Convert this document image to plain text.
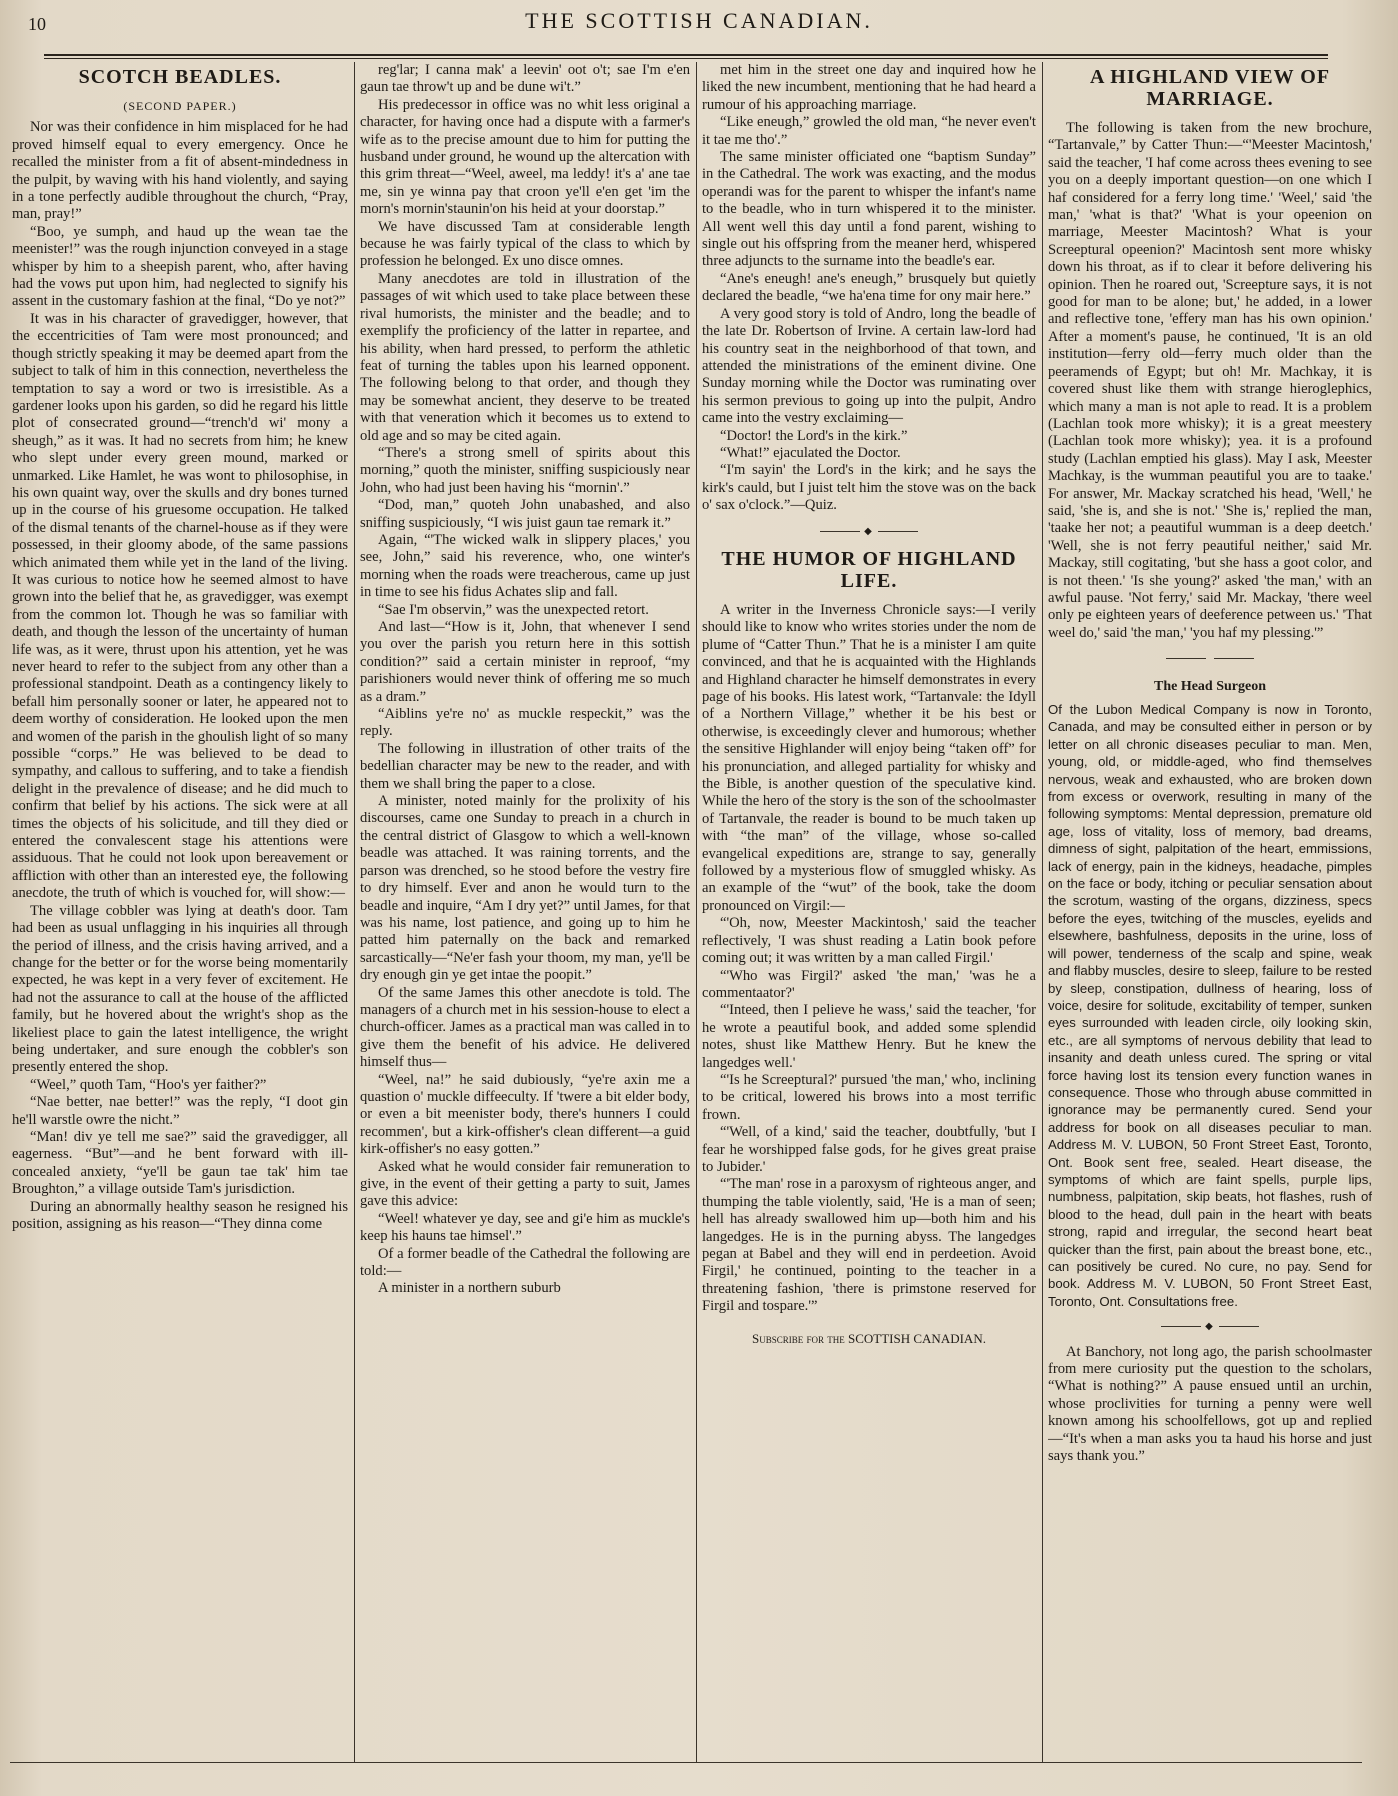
10	THE SCOTTISH CANADIAN.
SCOTCH BEADLES.
(SECOND PAPER.)

Nor was their confidence in him misplaced for he had proved himself equal to every emergency. Once he recalled the minister from a fit of absent-mindedness in the pulpit, by waving with his hand violently, and saying in a tone perfectly audible throughout the church, “Pray, man, pray!”

“Boo, ye sumph, and haud up the wean tae the meenister!” was the rough injunction conveyed in a stage whisper by him to a sheepish parent, who, after having had the vows put upon him, had neglected to signify his assent in the customary fashion at the final, “Do ye not?”

It was in his character of gravedigger, however, that the eccentricities of Tam were most pronounced; and though strictly speaking it may be deemed apart from the subject to talk of him in this connection, nevertheless the temptation to say a word or two is irresistible. As a gardener looks upon his garden, so did he regard his little plot of consecrated ground—“trench'd wi' mony a sheugh,” as it was. It had no secrets from him; he knew who slept under every green mound, marked or unmarked. Like Hamlet, he was wont to philosophise, in his own quaint way, over the skulls and dry bones turned up in the course of his gruesome occupation. He talked of the dismal tenants of the charnel-house as if they were possessed, in their gloomy abode, of the same passions which animated them while yet in the land of the living. It was curious to notice how he seemed almost to have grown into the belief that he, as gravedigger, was exempt from the common lot. Though he was so familiar with death, and though the lesson of the uncertainty of human life was, as it were, thrust upon his attention, yet he was never heard to refer to the subject from any other than a professional standpoint. Death as a contingency likely to befall him personally sooner or later, he appeared not to deem worthy of consideration. He looked upon the men and women of the parish in the ghoulish light of so many possible “corps.” He was believed to be dead to sympathy, and callous to suffering, and to take a fiendish delight in the prevalence of disease; and he did much to confirm that belief by his actions. The sick were at all times the objects of his solicitude, and till they died or entered the convalescent stage his attentions were assiduous. That he could not look upon bereavement or affliction with other than an interested eye, the following anecdote, the truth of which is vouched for, will show:—

The village cobbler was lying at death's door. Tam had been as usual unflagging in his inquiries all through the period of illness, and the crisis having arrived, and a change for the better or for the worse being momentarily expected, he was kept in a very fever of excitement. He had not the assurance to call at the house of the afflicted family, but he hovered about the wright's shop as the likeliest place to gain the latest intelligence, the wright being undertaker, and sure enough the cobbler's son presently entered the shop.

“Weel,” quoth Tam, “Hoo's yer faither?”

“Nae better, nae better!” was the reply, “I doot gin he'll warstle owre the nicht.”

“Man! div ye tell me sae?” said the gravedigger, all eagerness. “But”—and he bent forward with ill-concealed anxiety, “ye'll be gaun tae tak' him tae Broughton,” a village outside Tam's jurisdiction.

During an abnormally healthy season he resigned his position, assigning as his reason—“They dinna come

reg'lar; I canna mak' a leevin' oot o't; sae I'm e'en gaun tae throw't up and be dune wi't.”

His predecessor in office was no whit less original a character, for having once had a dispute with a farmer's wife as to the precise amount due to him for putting the husband under ground, he wound up the altercation with this grim threat—“Weel, aweel, ma leddy! it's a' ane tae me, sin ye winna pay that croon ye'll e'en get 'im the morn's mornin'staunin'on his heid at your doorstap.”

We have discussed Tam at considerable length because he was fairly typical of the class to which by profession he belonged. Ex uno disce omnes.

Many anecdotes are told in illustration of the passages of wit which used to take place between these rival humorists, the minister and the beadle; and to exemplify the proficiency of the latter in repartee, and his ability, when hard pressed, to perform the athletic feat of turning the tables upon his learned opponent. The following belong to that order, and though they may be somewhat ancient, they deserve to be treated with that veneration which it becomes us to extend to old age and so may be cited again.

“There's a strong smell of spirits about this morning,” quoth the minister, sniffing suspiciously near John, who had just been having his “mornin'.”

“Dod, man,” quoteh John unabashed, and also sniffing suspiciously, “I wis juist gaun tae remark it.”

Again, “'The wicked walk in slippery places,' you see, John,” said his reverence, who, one winter's morning when the roads were treacherous, came up just in time to see his fidus Achates slip and fall.

“Sae I'm observin,” was the unexpected retort.

And last—“How is it, John, that whenever I send you over the parish you return here in this sottish condition?” said a certain minister in reproof, “my parishioners would never think of offering me so much as a dram.”

“Aiblins ye're no' as muckle respeckit,” was the reply.

The following in illustration of other traits of the bedellian character may be new to the reader, and with them we shall bring the paper to a close.

A minister, noted mainly for the prolixity of his discourses, came one Sunday to preach in a church in the central district of Glasgow to which a well-known beadle was attached. It was raining torrents, and the parson was drenched, so he stood before the vestry fire to dry himself. Ever and anon he would turn to the beadle and inquire, “Am I dry yet?” until James, for that was his name, lost patience, and going up to him he patted him paternally on the back and remarked sarcastically—“Ne'er fash your thoom, my man, ye'll be dry enough gin ye get intae the poopit.”

Of the same James this other anecdote is told. The managers of a church met in his session-house to elect a church-officer. James as a practical man was called in to give them the benefit of his advice. He delivered himself thus—

“Weel, na!” he said dubiously, “ye're axin me a quastion o' muckle diffeeculty. If 'twere a bit elder body, or even a bit meenister body, there's hunners I could recommen', but a kirk-offisher's clean different—a guid kirk-offisher's no easy gotten.”

Asked what he would consider fair remuneration to give, in the event of their getting a party to suit, James gave this advice:

“Weel! whatever ye day, see and gi'e him as muckle's keep his hauns tae himsel'.”

Of a former beadle of the Cathedral the following are told:—

A minister in a northern suburb

met him in the street one day and inquired how he liked the new incumbent, mentioning that he had heard a rumour of his approaching marriage.

“Like eneugh,” growled the old man, “he never even't it tae me tho'.”

The same minister officiated one “baptism Sunday” in the Cathedral. The work was exacting, and the modus operandi was for the parent to whisper the infant's name to the beadle, who in turn whispered it to the minister. All went well this day until a fond parent, wishing to single out his offspring from the meaner herd, whispered three adjuncts to the surname into the beadle's ear.

“Ane's eneugh! ane's eneugh,” brusquely but quietly declared the beadle, “we ha'ena time for ony mair here.”

A very good story is told of Andro, long the beadle of the late Dr. Robertson of Irvine. A certain law-lord had his country seat in the neighborhood of that town, and attended the ministrations of the eminent divine. One Sunday morning while the Doctor was ruminating over his sermon previous to going up into the pulpit, Andro came into the vestry exclaiming—

“Doctor! the Lord's in the kirk.”

“What!” ejaculated the Doctor.

“I'm sayin' the Lord's in the kirk; and he says the kirk's cauld, but I juist telt him the stove was on the back o' sax o'clock.”—Quiz.

◆
THE HUMOR OF HIGHLAND LIFE.

A writer in the Inverness Chronicle says:—I verily should like to know who writes stories under the nom de plume of “Catter Thun.” That he is a minister I am quite convinced, and that he is acquainted with the Highlands and Highland character he himself demonstrates in every page of his books. His latest work, “Tartanvale: the Idyll of a Northern Village,” whether it be his best or otherwise, is exceedingly clever and humorous; whether the sensitive Highlander will enjoy being “taken off” for his pronunciation, and alleged partiality for whisky and the Bible, is another question of the speculative kind. While the hero of the story is the son of the schoolmaster of Tartanvale, the reader is bound to be much taken up with “the man” of the village, whose so-called evangelical expeditions are, strange to say, generally followed by a mysterious flow of smuggled whisky. As an example of the “wut” of the book, take the doom pronounced on Virgil:—

“'Oh, now, Meester Mackintosh,' said the teacher reflectively, 'I was shust reading a Latin book pefore coming out; it was written by a man called Firgil.'

“'Who was Firgil?' asked 'the man,' 'was he a commentaator?'

“'Inteed, then I pelieve he wass,' said the teacher, 'for he wrote a peautiful book, and added some splendid notes, shust like Matthew Henry. But he knew the langedges well.'

“'Is he Screeptural?' pursued 'the man,' who, inclining to be critical, lowered his brows into a most terrific frown.

“'Well, of a kind,' said the teacher, doubtfully, 'but I fear he worshipped false gods, for he gives great praise to Jubider.'

“'The man' rose in a paroxysm of righteous anger, and thumping the table violently, said, 'He is a man of seen; hell has already swallowed him up—both him and his langedges. He is in the purning abyss. The langedges pegan at Babel and they will end in perdeetion. Avoid Firgil,' he continued, pointing to the teacher in a threatening fashion, 'there is primstone reserved for Firgil and tospare.'”

Subscribe for the SCOTTISH CANADIAN.
A HIGHLAND VIEW OF MARRIAGE.

The following is taken from the new brochure, “Tartanvale,” by Catter Thun:—“'Meester Macintosh,' said the teacher, 'I haf come across thees evening to see you on a deeply important question—on one which I haf considered for a ferry long time.' 'Weel,' said 'the man,' 'what is that?' 'What is your opeenion on marriage, Meester Macintosh? What is your Screeptural opeenion?' Macintosh sent more whisky down his throat, as if to clear it before delivering his opinion. Then he roared out, 'Screepture says, it is not good for man to be alone; but,' he added, in a lower and reflective tone, 'effery man has his own opinion.' After a moment's pause, he continued, 'It is an old institution—ferry old—ferry much older than the peeramends of Egypt; but oh! Mr. Machkay, it is covered shust like them with strange hieroglephics, which many a man is not aple to read. It is a problem (Lachlan took more whisky); it is a great meestery (Lachlan took more whisky); yea. it is a profound study (Lachlan emptied his glass). May I ask, Meester Machkay, is the wumman peautiful you are to taake.' For answer, Mr. Mackay scratched his head, 'Well,' he said, 'she is, and she is not.' 'She is,' replied the man, 'taake her not; a peautiful wumman is a deep deetch.' 'Well, she is not ferry peautiful neither,' said Mr. Mackay, still cogitating, 'but she hass a goot color, and is not theen.' 'Is she young?' asked 'the man,' with an awful pause. 'Not ferry,' said Mr. Mackay, 'there weel only pe eighteen years of deeference petween us.' 'That weel do,' said 'the man,' 'you haf my plessing.'”

The Head Surgeon

Of the Lubon Medical Company is now in Toronto, Canada, and may be consulted either in person or by letter on all chronic diseases peculiar to man. Men, young, old, or middle-aged, who find themselves nervous, weak and exhausted, who are broken down from excess or overwork, resulting in many of the following symptoms: Mental depression, premature old age, loss of vitality, loss of memory, bad dreams, dimness of sight, palpitation of the heart, emmissions, lack of energy, pain in the kidneys, headache, pimples on the face or body, itching or peculiar sensation about the scrotum, wasting of the organs, dizziness, specs before the eyes, twitching of the muscles, eyelids and elsewhere, bashfulness, deposits in the urine, loss of will power, tenderness of the scalp and spine, weak and flabby muscles, desire to sleep, failure to be rested by sleep, constipation, dullness of hearing, loss of voice, desire for solitude, excitability of temper, sunken eyes surrounded with leaden circle, oily looking skin, etc., are all symptoms of nervous debility that lead to insanity and death unless cured. The spring or vital force having lost its tension every function wanes in consequence. Those who through abuse committed in ignorance may be permanently cured. Send your address for book on all diseases peculiar to man. Address M. V. LUBON, 50 Front Street East, Toronto, Ont. Book sent free, sealed. Heart disease, the symptoms of which are faint spells, purple lips, numbness, palpitation, skip beats, hot flashes, rush of blood to the head, dull pain in the heart with beats strong, rapid and irregular, the second heart beat quicker than the first, pain about the breast bone, etc., can positively be cured. No cure, no pay. Send for book. Address M. V. LUBON, 50 Front Street East, Toronto, Ont. Consultations free.

◆

At Banchory, not long ago, the parish schoolmaster from mere curiosity put the question to the scholars, “What is nothing?” A pause ensued until an urchin, whose proclivities for turning a penny were well known among his schoolfellows, got up and replied—“It's when a man asks you ta haud his horse and just says thank you.”
